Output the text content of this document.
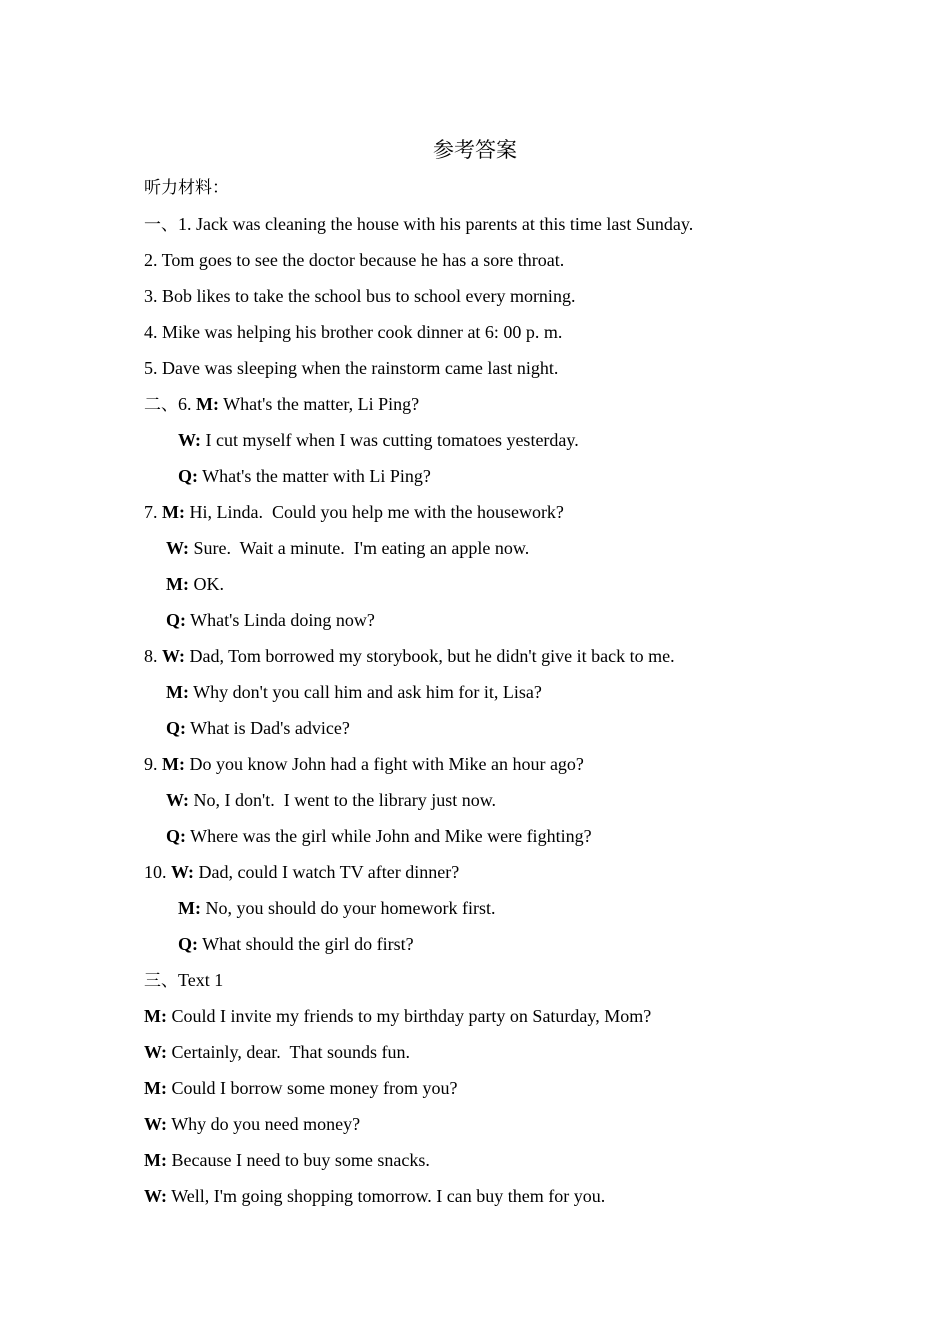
参考答案
听力材料：
一、1. Jack was cleaning the house with his parents at this time last Sunday.
2. Tom goes to see the doctor because he has a sore throat.
3. Bob likes to take the school bus to school every morning.
4. Mike was helping his brother cook dinner at 6: 00 p. m.
5. Dave was sleeping when the rainstorm came last night.
二、6. M: What's the matter, Li Ping?
W: I cut myself when I was cutting tomatoes yesterday.
Q: What's the matter with Li Ping?
7. M: Hi, Linda.  Could you help me with the housework?
W: Sure.  Wait a minute.  I'm eating an apple now.
M: OK.
Q: What's Linda doing now?
8. W: Dad, Tom borrowed my storybook, but he didn't give it back to me.
M: Why don't you call him and ask him for it, Lisa?
Q: What is Dad's advice?
9. M: Do you know John had a fight with Mike an hour ago?
W: No, I don't.  I went to the library just now.
Q: Where was the girl while John and Mike were fighting?
10. W: Dad, could I watch TV after dinner?
M: No, you should do your homework first.
Q: What should the girl do first?
三、Text 1
M: Could I invite my friends to my birthday party on Saturday, Mom?
W: Certainly, dear.  That sounds fun.
M: Could I borrow some money from you?
W: Why do you need money?
M: Because I need to buy some snacks.
W: Well, I'm going shopping tomorrow. I can buy them for you.
